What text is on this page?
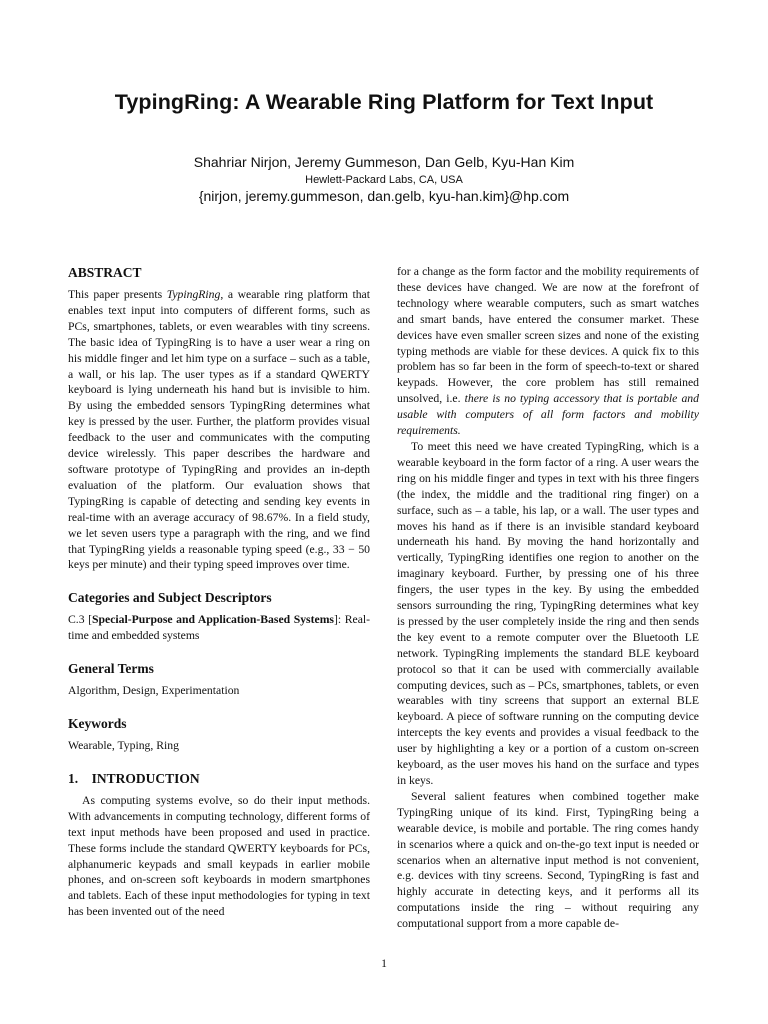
TypingRing: A Wearable Ring Platform for Text Input
Shahriar Nirjon, Jeremy Gummeson, Dan Gelb, Kyu-Han Kim
Hewlett-Packard Labs, CA, USA
{nirjon, jeremy.gummeson, dan.gelb, kyu-han.kim}@hp.com
ABSTRACT

This paper presents TypingRing, a wearable ring platform that enables text input into computers of different forms, such as PCs, smartphones, tablets, or even wearables with tiny screens. The basic idea of TypingRing is to have a user wear a ring on his middle finger and let him type on a surface – such as a table, a wall, or his lap. The user types as if a standard QWERTY keyboard is lying underneath his hand but is invisible to him. By using the embedded sensors TypingRing determines what key is pressed by the user. Further, the platform provides visual feedback to the user and communicates with the computing device wirelessly. This paper describes the hardware and software prototype of TypingRing and provides an in-depth evaluation of the platform. Our evaluation shows that TypingRing is capable of detecting and sending key events in real-time with an average accuracy of 98.67%. In a field study, we let seven users type a paragraph with the ring, and we find that TypingRing yields a reasonable typing speed (e.g., 33 − 50 keys per minute) and their typing speed improves over time.

Categories and Subject Descriptors

C.3 [Special-Purpose and Application-Based Systems]: Real-time and embedded systems

General Terms

Algorithm, Design, Experimentation

Keywords

Wearable, Typing, Ring

1.    INTRODUCTION

As computing systems evolve, so do their input methods. With advancements in computing technology, different forms of text input methods have been proposed and used in practice. These forms include the standard QWERTY keyboards for PCs, alphanumeric keypads and small keypads in earlier mobile phones, and on-screen soft keyboards in modern smartphones and tablets. Each of these input methodologies for typing in text has been invented out of the need

for a change as the form factor and the mobility requirements of these devices have changed. We are now at the forefront of technology where wearable computers, such as smart watches and smart bands, have entered the consumer market. These devices have even smaller screen sizes and none of the existing typing methods are viable for these devices. A quick fix to this problem has so far been in the form of speech-to-text or shared keypads. However, the core problem has still remained unsolved, i.e. there is no typing accessory that is portable and usable with computers of all form factors and mobility requirements.

To meet this need we have created TypingRing, which is a wearable keyboard in the form factor of a ring. A user wears the ring on his middle finger and types in text with his three fingers (the index, the middle and the traditional ring finger) on a surface, such as – a table, his lap, or a wall. The user types and moves his hand as if there is an invisible standard keyboard underneath his hand. By moving the hand horizontally and vertically, TypingRing identifies one region to another on the imaginary keyboard. Further, by pressing one of his three fingers, the user types in the key. By using the embedded sensors surrounding the ring, TypingRing determines what key is pressed by the user completely inside the ring and then sends the key event to a remote computer over the Bluetooth LE network. TypingRing implements the standard BLE keyboard protocol so that it can be used with commercially available computing devices, such as – PCs, smartphones, tablets, or even wearables with tiny screens that support an external BLE keyboard. A piece of software running on the computing device intercepts the key events and provides a visual feedback to the user by highlighting a key or a portion of a custom on-screen keyboard, as the user moves his hand on the surface and types in keys.

Several salient features when combined together make TypingRing unique of its kind. First, TypingRing being a wearable device, is mobile and portable. The ring comes handy in scenarios where a quick and on-the-go text input is needed or scenarios when an alternative input method is not convenient, e.g. devices with tiny screens. Second, TypingRing is fast and highly accurate in detecting keys, and it performs all its computations inside the ring – without requiring any computational support from a more capable de-

1
